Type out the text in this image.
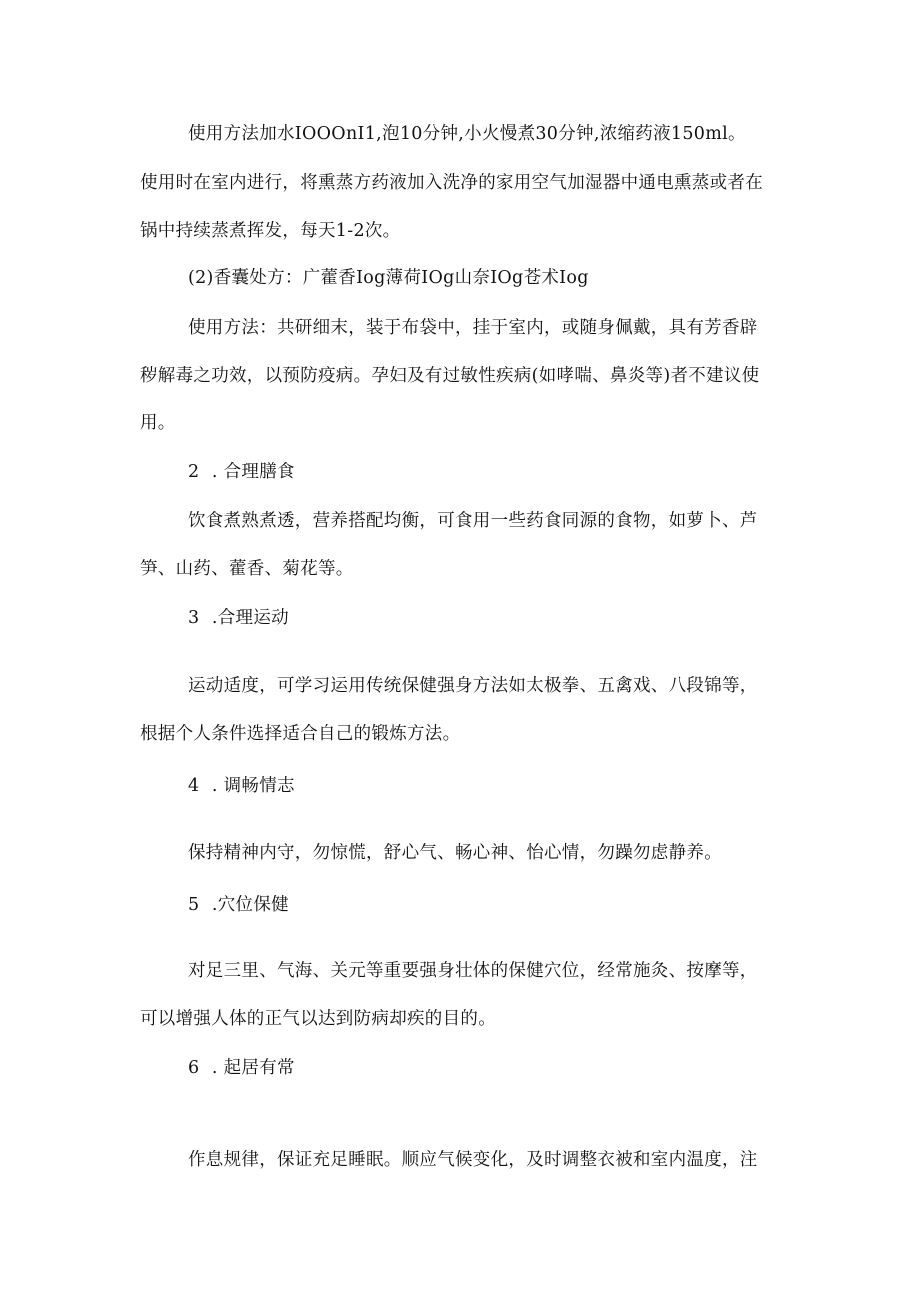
使用方法加水IOOOnI1,泡10分钟,小火慢煮30分钟,浓缩药液150ml。
使用时在室内进行，将熏蒸方药液加入洗净的家用空气加湿器中通电熏蒸或者在
锅中持续蒸煮挥发，每天1-2次。
(2)香囊处方：广藿香Iog薄荷IOg山奈IOg苍术Iog
使用方法：共研细末，装于布袋中，挂于室内，或随身佩戴，具有芳香辟
秽解毒之功效，以预防疫病。孕妇及有过敏性疾病(如哮喘、鼻炎等)者不建议使
用。
2 . 合理膳食
饮食煮熟煮透，营养搭配均衡，可食用一些药食同源的食物，如萝卜、芦
笋、山药、藿香、菊花等。
3 .合理运动
运动适度，可学习运用传统保健强身方法如太极拳、五禽戏、八段锦等，
根据个人条件选择适合自己的锻炼方法。
4 . 调畅情志
保持精神内守，勿惊慌，舒心气、畅心神、怡心情，勿躁勿虑静养。
5 .穴位保健
对足三里、气海、关元等重要强身壮体的保健穴位，经常施灸、按摩等，
可以增强人体的正气以达到防病却疾的目的。
6 . 起居有常
作息规律，保证充足睡眠。顺应气候变化，及时调整衣被和室内温度，注
